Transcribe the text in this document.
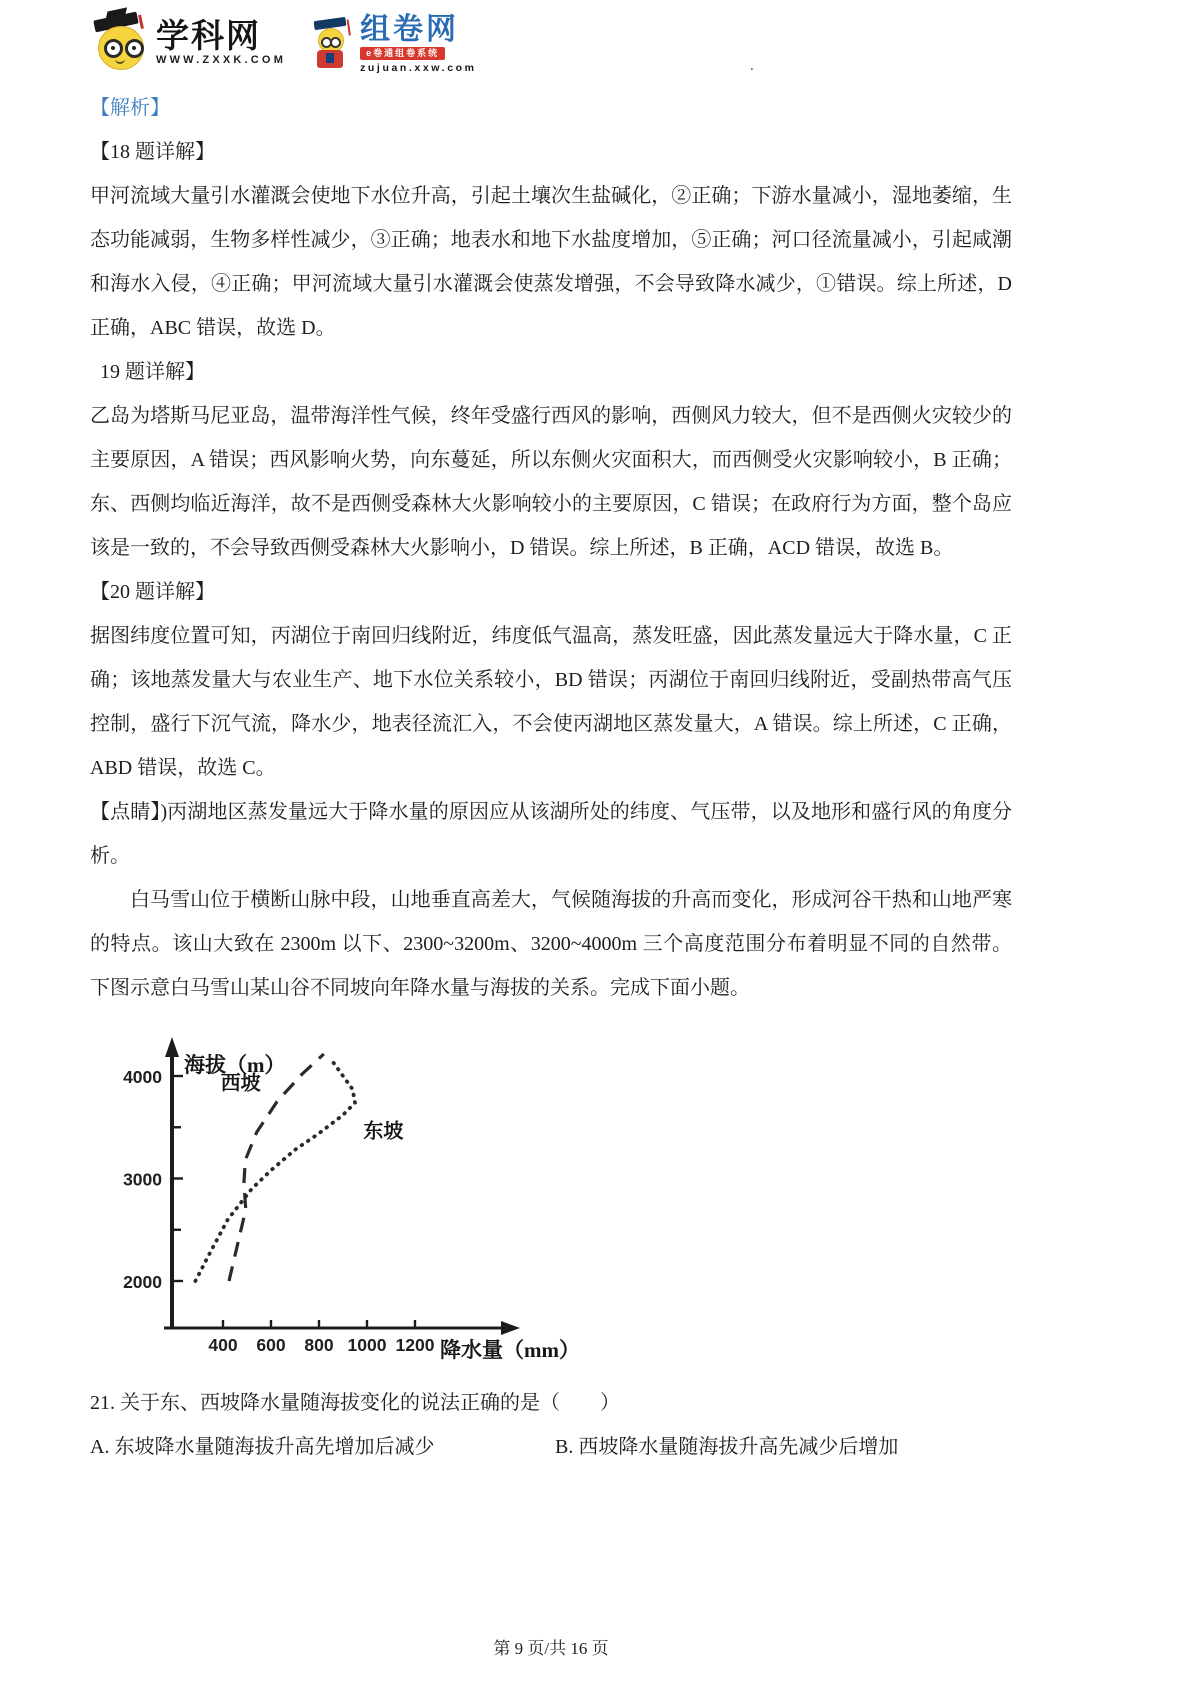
学科网
WWW.ZXXK.COM
组卷网
e卷通组卷系统
zujuan.xxw.com	.
【解析】
【18 题详解】

甲河流域大量引水灌溉会使地下水位升高，引起土壤次生盐碱化，②正确；下游水量减小，湿地萎缩，生态功能减弱，生物多样性减少，③正确；地表水和地下水盐度增加，⑤正确；河口径流量减小，引起咸潮和海水入侵，④正确；甲河流域大量引水灌溉会使蒸发增强，不会导致降水减少，①错误。综上所述，D 正确，ABC 错误，故选 D。

19 题详解】

乙岛为塔斯马尼亚岛，温带海洋性气候，终年受盛行西风的影响，西侧风力较大，但不是西侧火灾较少的主要原因，A 错误；西风影响火势，向东蔓延，所以东侧火灾面积大，而西侧受火灾影响较小，B 正确；东、西侧均临近海洋，故不是西侧受森林大火影响较小的主要原因，C 错误；在政府行为方面，整个岛应该是一致的，不会导致西侧受森林大火影响小，D 错误。综上所述，B 正确，ACD 错误，故选 B。

【20 题详解】

据图纬度位置可知，丙湖位于南回归线附近，纬度低气温高，蒸发旺盛，因此蒸发量远大于降水量，C 正确；该地蒸发量大与农业生产、地下水位关系较小，BD 错误；丙湖位于南回归线附近，受副热带高气压控制，盛行下沉气流，降水少，地表径流汇入，不会使丙湖地区蒸发量大，A 错误。综上所述，C 正确，ABD 错误，故选 C。

【点睛】)丙湖地区蒸发量远大于降水量的原因应从该湖所处的纬度、气压带，以及地形和盛行风的角度分析。

白马雪山位于横断山脉中段，山地垂直高差大，气候随海拔的升高而变化，形成河谷干热和山地严寒的特点。该山大致在 2300m 以下、2300~3200m、3200~4000m 三个高度范围分布着明显不同的自然带。下图示意白马雪山某山谷不同坡向年降水量与海拔的关系。完成下面小题。

海拔（m）
降水量（mm）
400 600 800 1000 1200
2000
3000
4000	西坡
东坡

21. 关于东、西坡降水量随海拔变化的说法正确的是（　　）

A. 东坡降水量随海拔升高先增加后减少	B. 西坡降水量随海拔升高先减少后增加

第 9 页/共 16 页
